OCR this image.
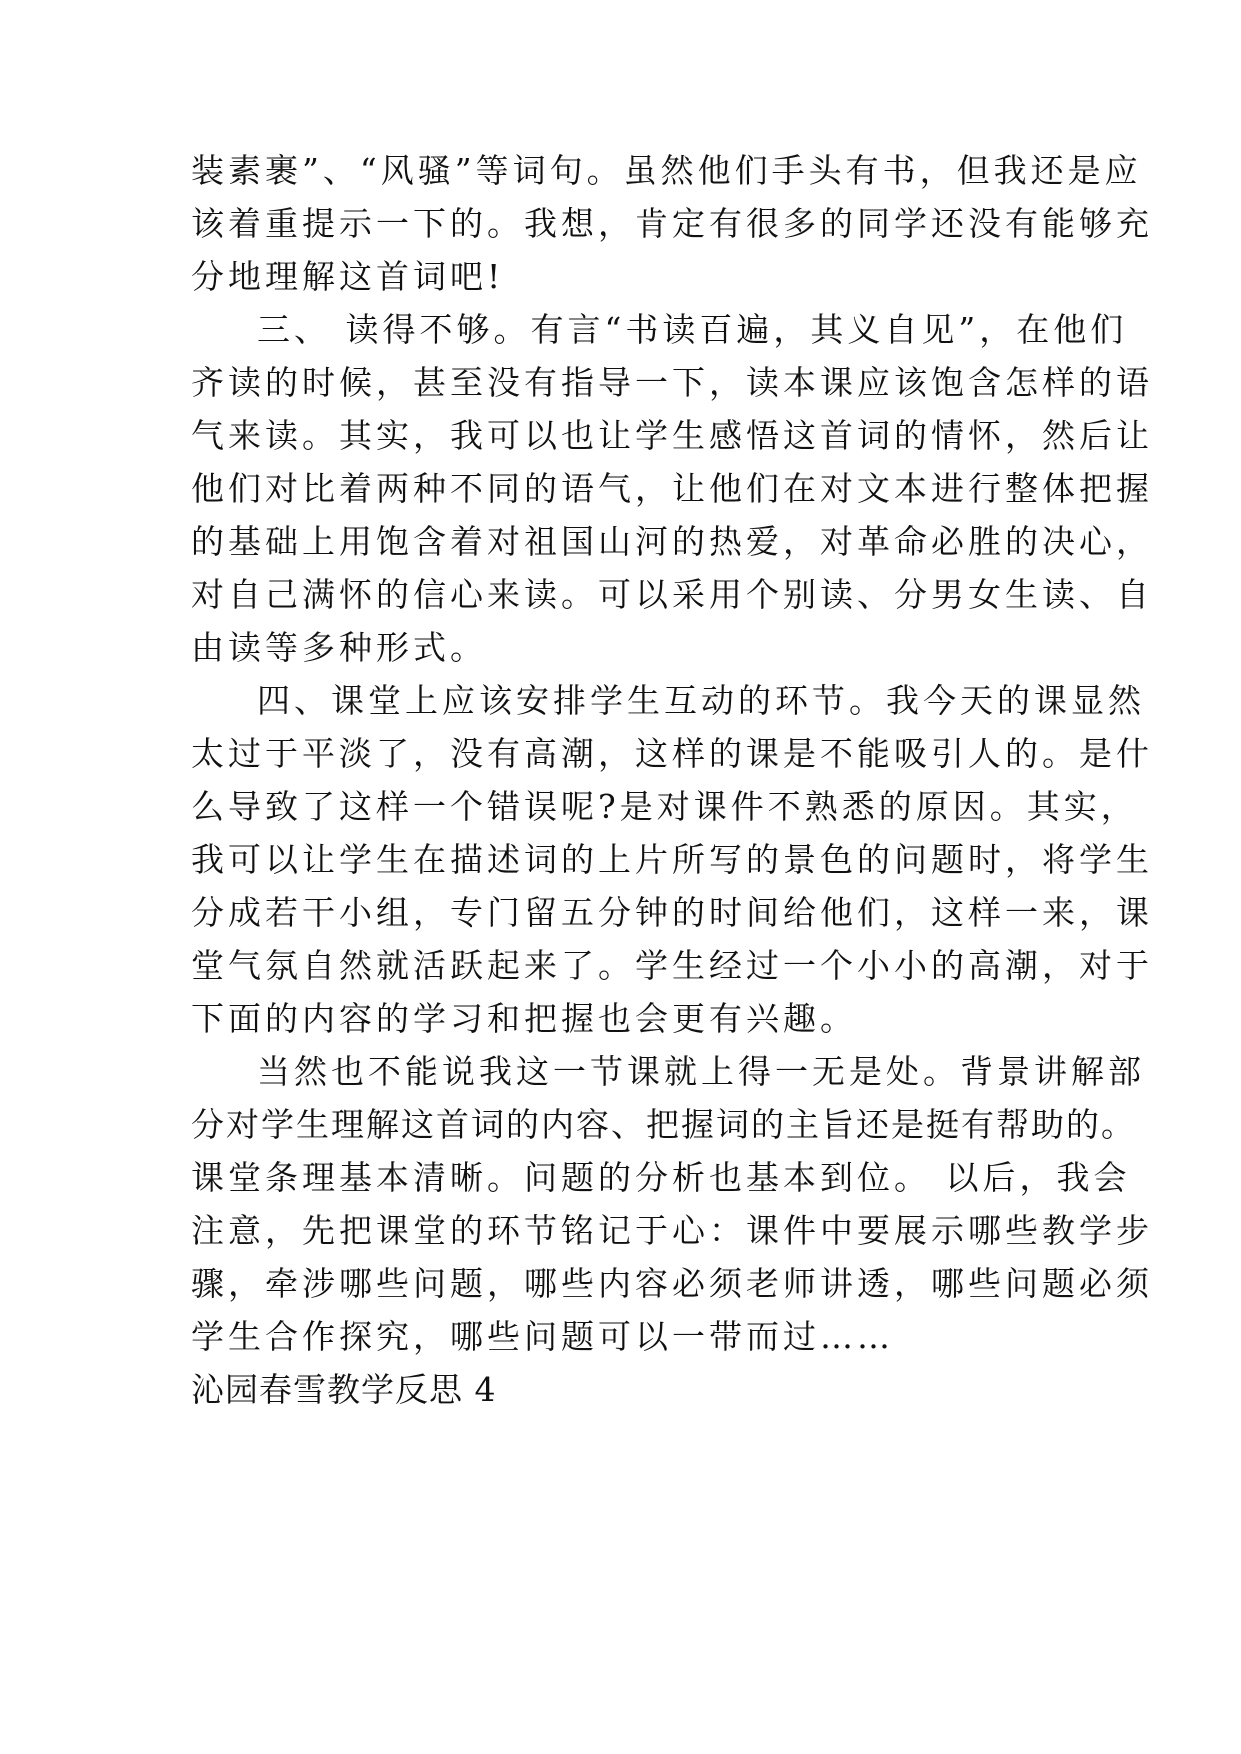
装素裹”、“风骚”等词句。虽然他们手头有书，但我还是应
该着重提示一下的。我想，肯定有很多的同学还没有能够充
分地理解这首词吧!
三、 读得不够。有言“书读百遍，其义自见”，在他们
齐读的时候，甚至没有指导一下，读本课应该饱含怎样的语
气来读。其实，我可以也让学生感悟这首词的情怀，然后让
他们对比着两种不同的语气，让他们在对文本进行整体把握
的基础上用饱含着对祖国山河的热爱，对革命必胜的决心，
对自己满怀的信心来读。可以采用个别读、分男女生读、自
由读等多种形式。
四、课堂上应该安排学生互动的环节。我今天的课显然
太过于平淡了，没有高潮，这样的课是不能吸引人的。是什
么导致了这样一个错误呢?是对课件不熟悉的原因。其实，
我可以让学生在描述词的上片所写的景色的问题时，将学生
分成若干小组，专门留五分钟的时间给他们，这样一来，课
堂气氛自然就活跃起来了。学生经过一个小小的高潮，对于
下面的内容的学习和把握也会更有兴趣。
当然也不能说我这一节课就上得一无是处。背景讲解部
分对学生理解这首词的内容、把握词的主旨还是挺有帮助的。
课堂条理基本清晰。问题的分析也基本到位。 以后，我会
注意，先把课堂的环节铭记于心：课件中要展示哪些教学步
骤，牵涉哪些问题，哪些内容必须老师讲透，哪些问题必须
学生合作探究，哪些问题可以一带而过……
沁园春雪教学反思 4
